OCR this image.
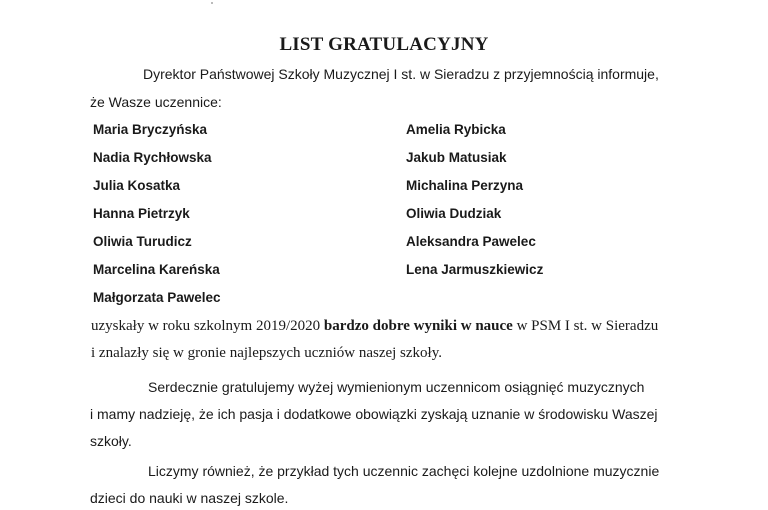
LIST GRATULACYJNY
Dyrektor Państwowej Szkoły Muzycznej I st. w Sieradzu z przyjemnością informuje,
że Wasze uczennice:
Maria Bryczyńska
Nadia Rychłowska
Julia Kosatka
Hanna Pietrzyk
Oliwia Turudicz
Marcelina Kareńska
Małgorzata Pawelec
Amelia Rybicka
Jakub Matusiak
Michalina Perzyna
Oliwia Dudziak
Aleksandra Pawelec
Lena Jarmuszkiewicz
uzyskały w roku szkolnym 2019/2020 bardzo dobre wyniki w nauce w PSM I st. w Sieradzu
i znalazły się w gronie najlepszych uczniów naszej szkoły.
Serdecznie gratulujemy wyżej wymienionym uczennicom osiągnięć muzycznych
i mamy nadzieję, że ich pasja i dodatkowe obowiązki zyskają uznanie w środowisku Waszej
szkoły.
Liczymy również, że przykład tych uczennic zachęci kolejne uzdolnione muzycznie
dzieci do nauki w naszej szkole.
